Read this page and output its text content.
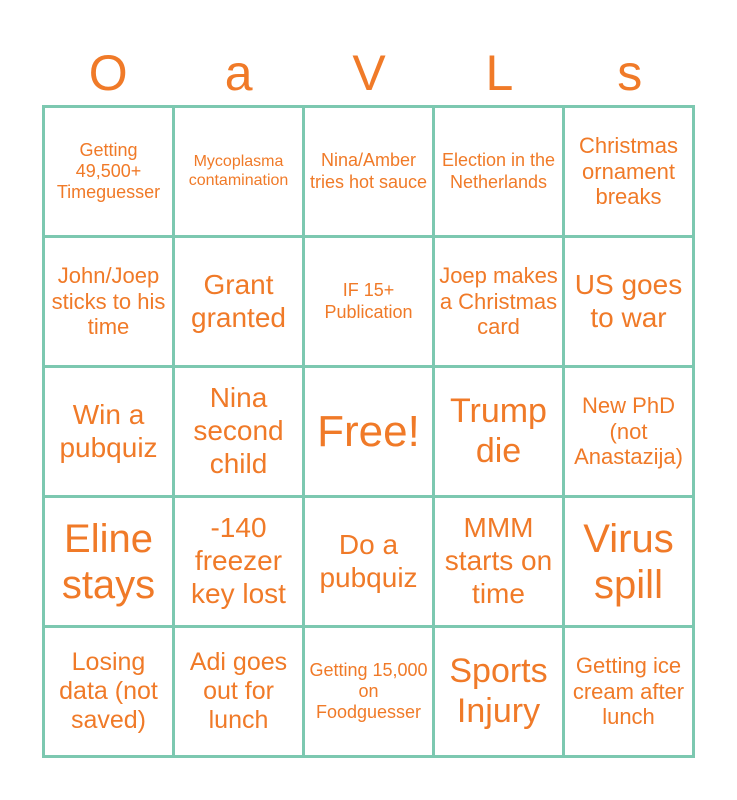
O	a	V	L	s
Getting 49,500+ Timeguesser
Mycoplasma contamination
Nina/Amber tries hot sauce
Election in the Netherlands
Christmas ornament breaks
John/Joep sticks to his time
Grant granted
IF 15+ Publication
Joep makes a Christmas card
US goes to war
Win a pubquiz
Nina second child
Free! Trump die
New PhD (not Anastazija)
Eline stays
-140 freezer key lost
Do a pubquiz
MMM starts on time
Virus spill
Losing data (not saved)
Adi goes out for lunch
Getting 15,000 on Foodguesser
Sports Injury
Getting ice cream after lunch
